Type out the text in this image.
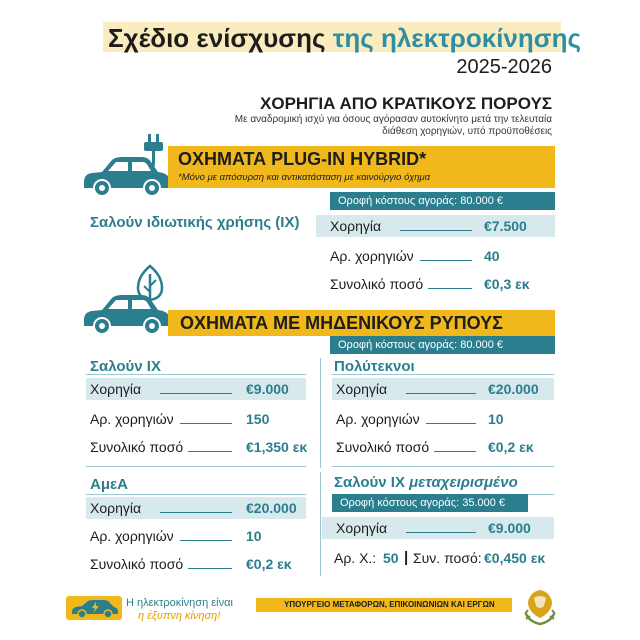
Σχέδιο ενίσχυσης της ηλεκτροκίνησης
2025-2026
ΧΟΡΗΓΙΑ ΑΠΟ ΚΡΑΤΙΚΟΥΣ ΠΟΡΟΥΣ
Με αναδρομική ισχύ για όσους αγόρασαν αυτοκίνητο μετά την τελευταία διάθεση χορηγιών, υπό προϋποθέσεις
ΟΧΗΜΑΤΑ PLUG-IN HYBRID*
*Μόνο με απόσυρση και αντικατάσταση με καινούργιο όχημα
Οροφή κόστους αγοράς: 80.000 €
Σαλούν ιδιωτικής χρήσης (ΙΧ) Χορηγία	€7.500
Αρ. χορηγιών	40
Συνολικό ποσό	€0,3 εκ
ΟΧΗΜΑΤΑ ΜΕ ΜΗΔΕΝΙΚΟΥΣ ΡΥΠΟΥΣ
Οροφή κόστους αγοράς: 80.000 €
Σαλούν ΙΧ
Χορηγία	€9.000
Αρ. χορηγιών	150
Συνολικό ποσό	€1,350 εκ
Πολύτεκνοι
Χορηγία	€20.000
Αρ. χορηγιών	10
Συνολικό ποσό	€0,2 εκ
ΑμεΑ
Χορηγία	€20.000
Αρ. χορηγιών	10
Συνολικό ποσό	€0,2 εκ
Σαλούν ΙΧ μεταχειρισμένο
Οροφή κόστους αγοράς: 35.000 €
Χορηγία	€9.000
Αρ. Χ.: 50 | Συν. ποσό: €0,450 εκ
Η ηλεκτροκίνηση είναι
η έξυπνη κίνηση!
ΥΠΟΥΡΓΕΙΟ ΜΕΤΑΦΟΡΩΝ, ΕΠΙΚΟΙΝΩΝΙΩΝ ΚΑΙ ΕΡΓΩΝ
